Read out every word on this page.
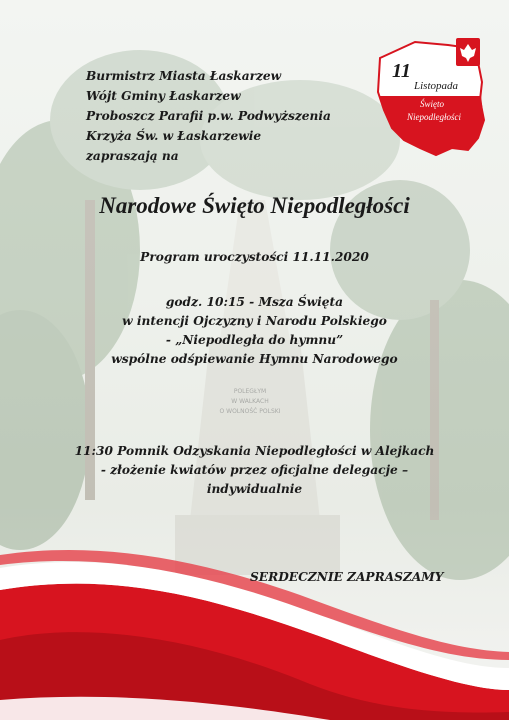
POLEGŁYM
W WALKACH
O WOLNOŚĆ POLSKI
11
Listopada
Święto
Niepodległości
Burmistrz Miasta Łaskarzew
Wójt Gminy Łaskarzew
Proboszcz Parafii p.w. Podwyższenia
Krzyża Św. w Łaskarzewie
zapraszają na
Narodowe Święto Niepodległości
Program uroczystości 11.11.2020
godz. 10:15 - Msza Święta
w intencji Ojczyzny i Narodu Polskiego
- „Niepodległa do hymnu”
wspólne odśpiewanie Hymnu Narodowego
11:30 Pomnik Odzyskania Niepodległości w Alejkach
- złożenie kwiatów przez oficjalne delegacje –
indywidualnie
SERDECZNIE ZAPRASZAMY
